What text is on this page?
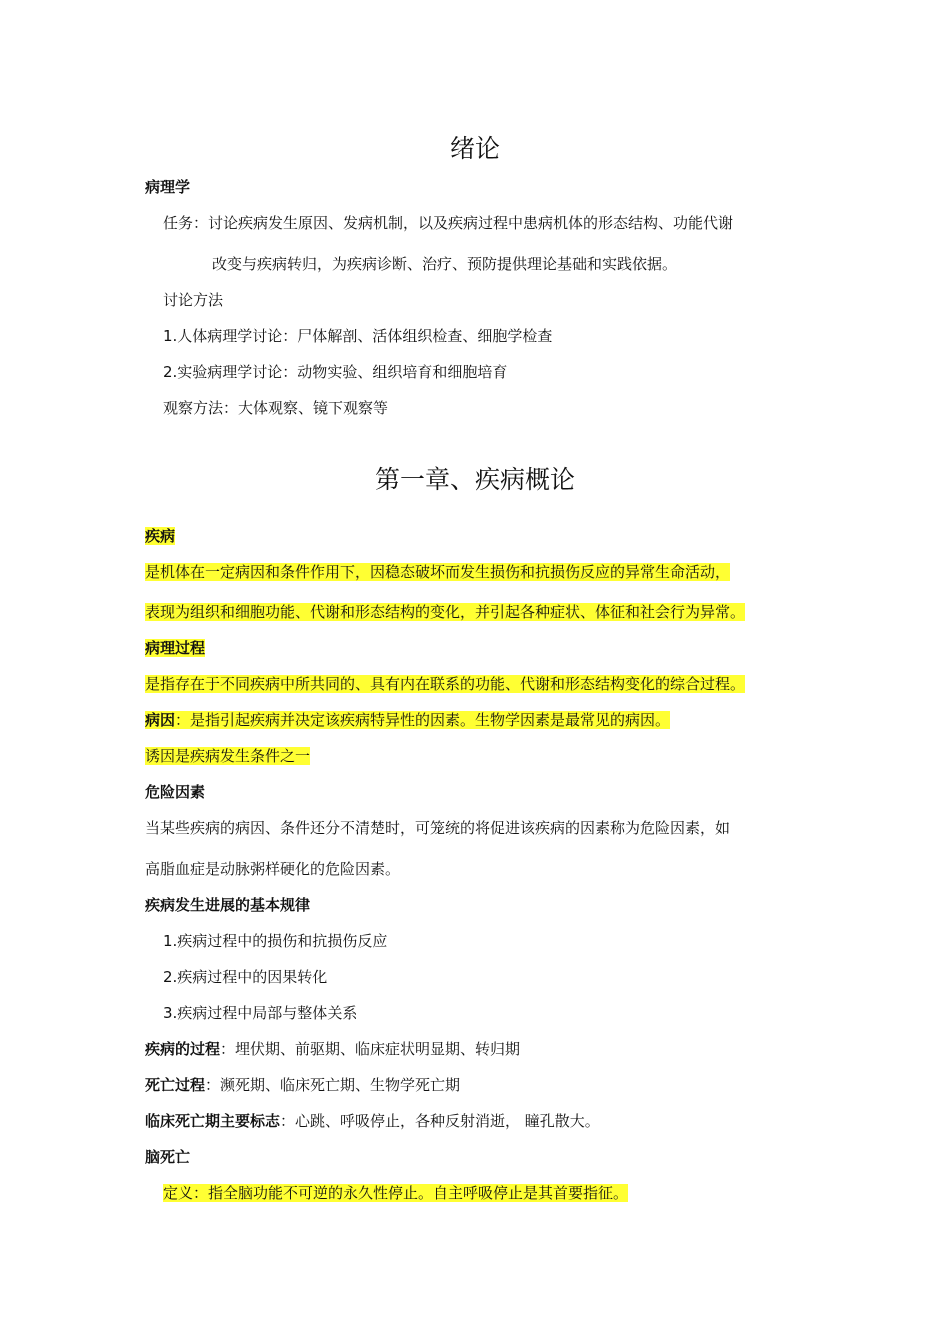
绪论
病理学
任务：讨论疾病发生原因、发病机制，以及疾病过程中患病机体的形态结构、功能代谢
改变与疾病转归，为疾病诊断、治疗、预防提供理论基础和实践依据。
讨论方法
1.人体病理学讨论：尸体解剖、活体组织检查、细胞学检查
2.实验病理学讨论：动物实验、组织培育和细胞培育
观察方法：大体观察、镜下观察等
第一章、疾病概论
疾病
是机体在一定病因和条件作用下，因稳态破坏而发生损伤和抗损伤反应的异常生命活动，
表现为组织和细胞功能、代谢和形态结构的变化，并引起各种症状、体征和社会行为异常。
病理过程
是指存在于不同疾病中所共同的、具有内在联系的功能、代谢和形态结构变化的综合过程。
病因：是指引起疾病并决定该疾病特异性的因素。生物学因素是最常见的病因。
诱因是疾病发生条件之一
危险因素
当某些疾病的病因、条件还分不清楚时，可笼统的将促进该疾病的因素称为危险因素，如
高脂血症是动脉粥样硬化的危险因素。
疾病发生进展的基本规律
1.疾病过程中的损伤和抗损伤反应
2.疾病过程中的因果转化
3.疾病过程中局部与整体关系
疾病的过程：埋伏期、前驱期、临床症状明显期、转归期
死亡过程：濒死期、临床死亡期、生物学死亡期
临床死亡期主要标志：心跳、呼吸停止，各种反射消逝， 瞳孔散大。
脑死亡
定义：指全脑功能不可逆的永久性停止。自主呼吸停止是其首要指征。
